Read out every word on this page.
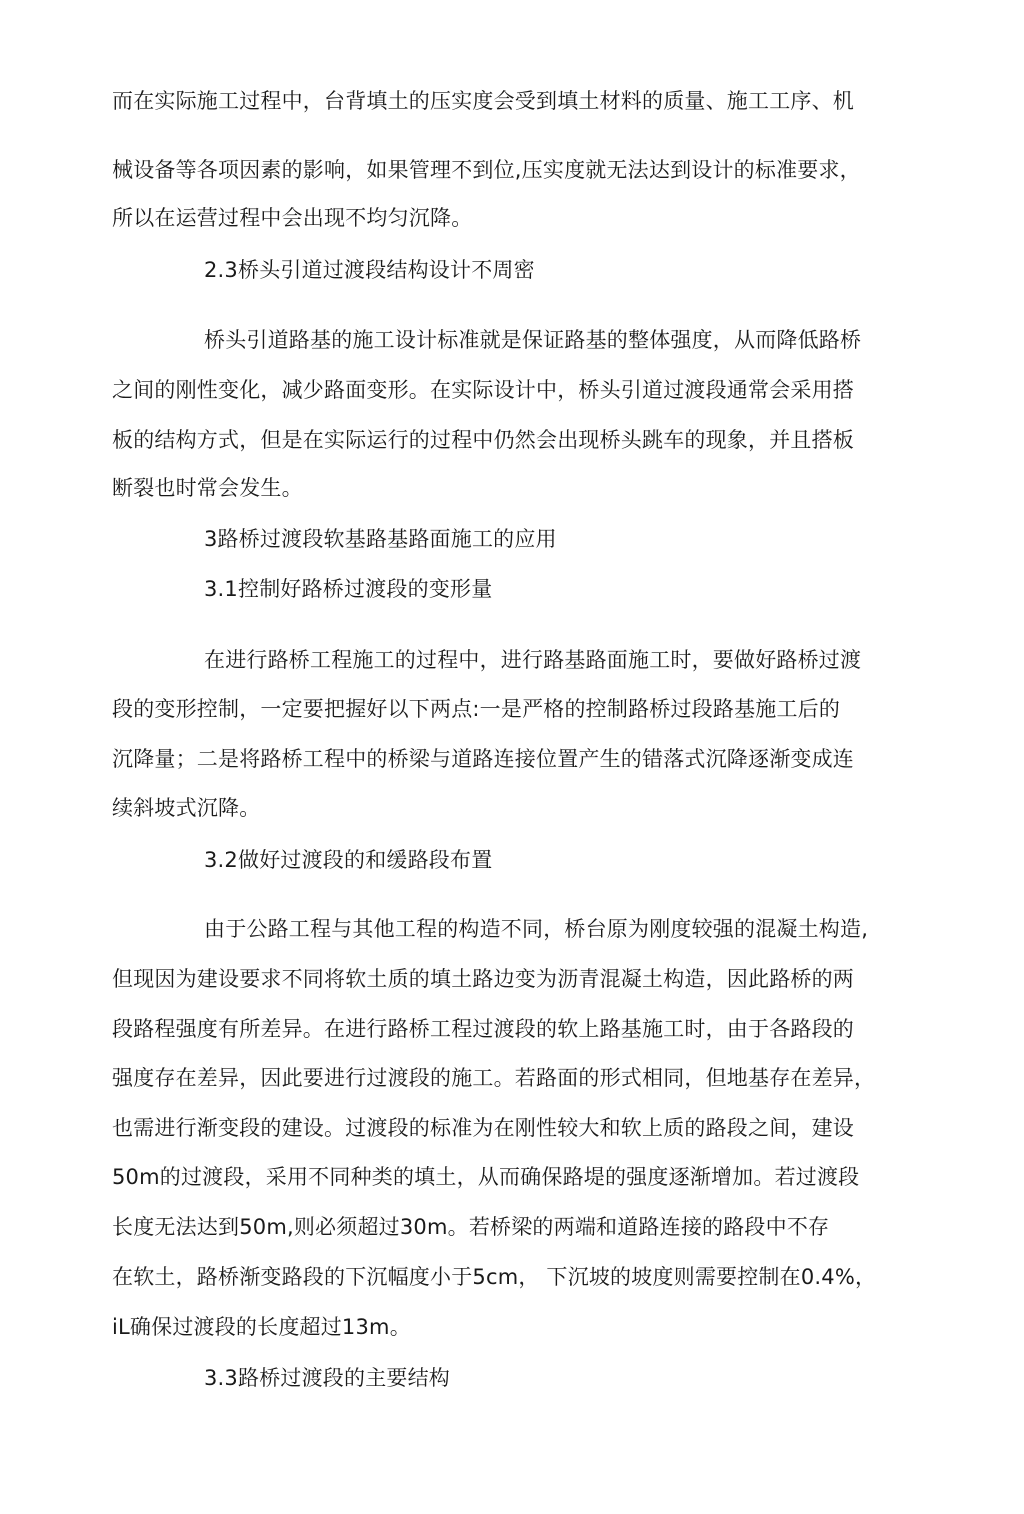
而在实际施工过程中，台背填土的压实度会受到填土材料的质量、施工工序、机
械设备等各项因素的影响，如果管理不到位,压实度就无法达到设计的标准要求，
所以在运营过程中会出现不均匀沉降。
2.3桥头引道过渡段结构设计不周密
桥头引道路基的施工设计标准就是保证路基的整体强度，从而降低路桥
之间的刚性变化，减少路面变形。在实际设计中，桥头引道过渡段通常会采用搭
板的结构方式，但是在实际运行的过程中仍然会出现桥头跳车的现象，并且搭板
断裂也时常会发生。
3路桥过渡段软基路基路面施工的应用
3.1控制好路桥过渡段的变形量
在进行路桥工程施工的过程中，进行路基路面施工时，要做好路桥过渡
段的变形控制，一定要把握好以下两点:一是严格的控制路桥过段路基施工后的
沉降量；二是将路桥工程中的桥梁与道路连接位置产生的错落式沉降逐渐变成连
续斜坡式沉降。
3.2做好过渡段的和缓路段布置
由于公路工程与其他工程的构造不同，桥台原为刚度较强的混凝土构造,
但现因为建设要求不同将软土质的填土路边变为沥青混凝土构造，因此路桥的两
段路程强度有所差异。在进行路桥工程过渡段的软上路基施工时，由于各路段的
强度存在差异，因此要进行过渡段的施工。若路面的形式相同，但地基存在差异，
也需进行渐变段的建设。过渡段的标准为在刚性较大和软上质的路段之间，建设
50m的过渡段，采用不同种类的填土，从而确保路堤的强度逐渐增加。若过渡段
长度无法达到50m,则必须超过30m。若桥梁的两端和道路连接的路段中不存
在软土，路桥渐变路段的下沉幅度小于5cm， 下沉坡的坡度则需要控制在0.4%，
iL确保过渡段的长度超过13m。
3.3路桥过渡段的主要结构
